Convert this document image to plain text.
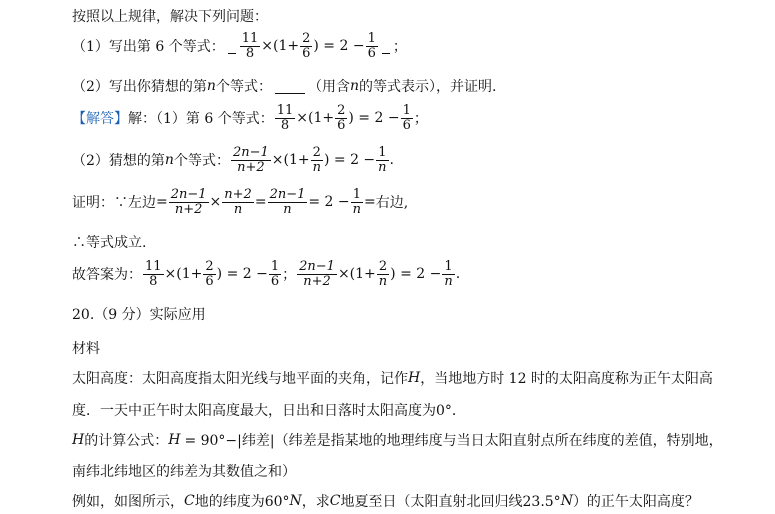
按照以上规律，解决下列问题：
（1）写出第 6 个等式： $\frac{11}{8} \times(1+ \frac{2}{6}$ ) = $2 - \frac{1}{6}$ ；
（2）写出你猜想的第 n 个等式：	（用含 n 的等式表示），并证明.
【解答】 解：（1）第 6 个等式： $\frac{11}{8} \times(1+ \frac{2}{6}$ ) = $2 - \frac{1}{6}$ ；
（2）猜想的第 n 个等式： $\frac{2n-1}{n+2} \times(1+ \frac{2}{n}$ ) = $2 - \frac{1}{n}$ .
证明：∵左边 = $\frac{2n-1}{n+2} \times \frac{n+2}{n} = \frac{2n-1}{n} = 2 - \frac{1}{n}$ = 右边,
∴等式成立.
故答案为： $\frac{11}{8} \times(1+ \frac{2}{6}$ ) = $2 - \frac{1}{6}$ ； $\frac{2n-1}{n+2} \times(1+ \frac{2}{n}$ ) = $2 - \frac{1}{n}$ .
20.（9 分）实际应用
材料
太阳高度：太阳高度指太阳光线与地平面的夹角，记作 H ，当地地方时 12 时的太阳高度称为正午太阳高
度．一天中正午时太阳高度最大，日出和日落时太阳高度为0°．
H 的计算公式： H = 90°−|纬差| （纬差是指某地的地理纬度与当日太阳直射点所在纬度的差值，特别地，
南纬北纬地区的纬差为其数值之和）
例如，如图所示， C 地的纬度为60° N ，求 C 地夏至日（太阳直射北回归线23.5° N ）的正午太阳高度？
